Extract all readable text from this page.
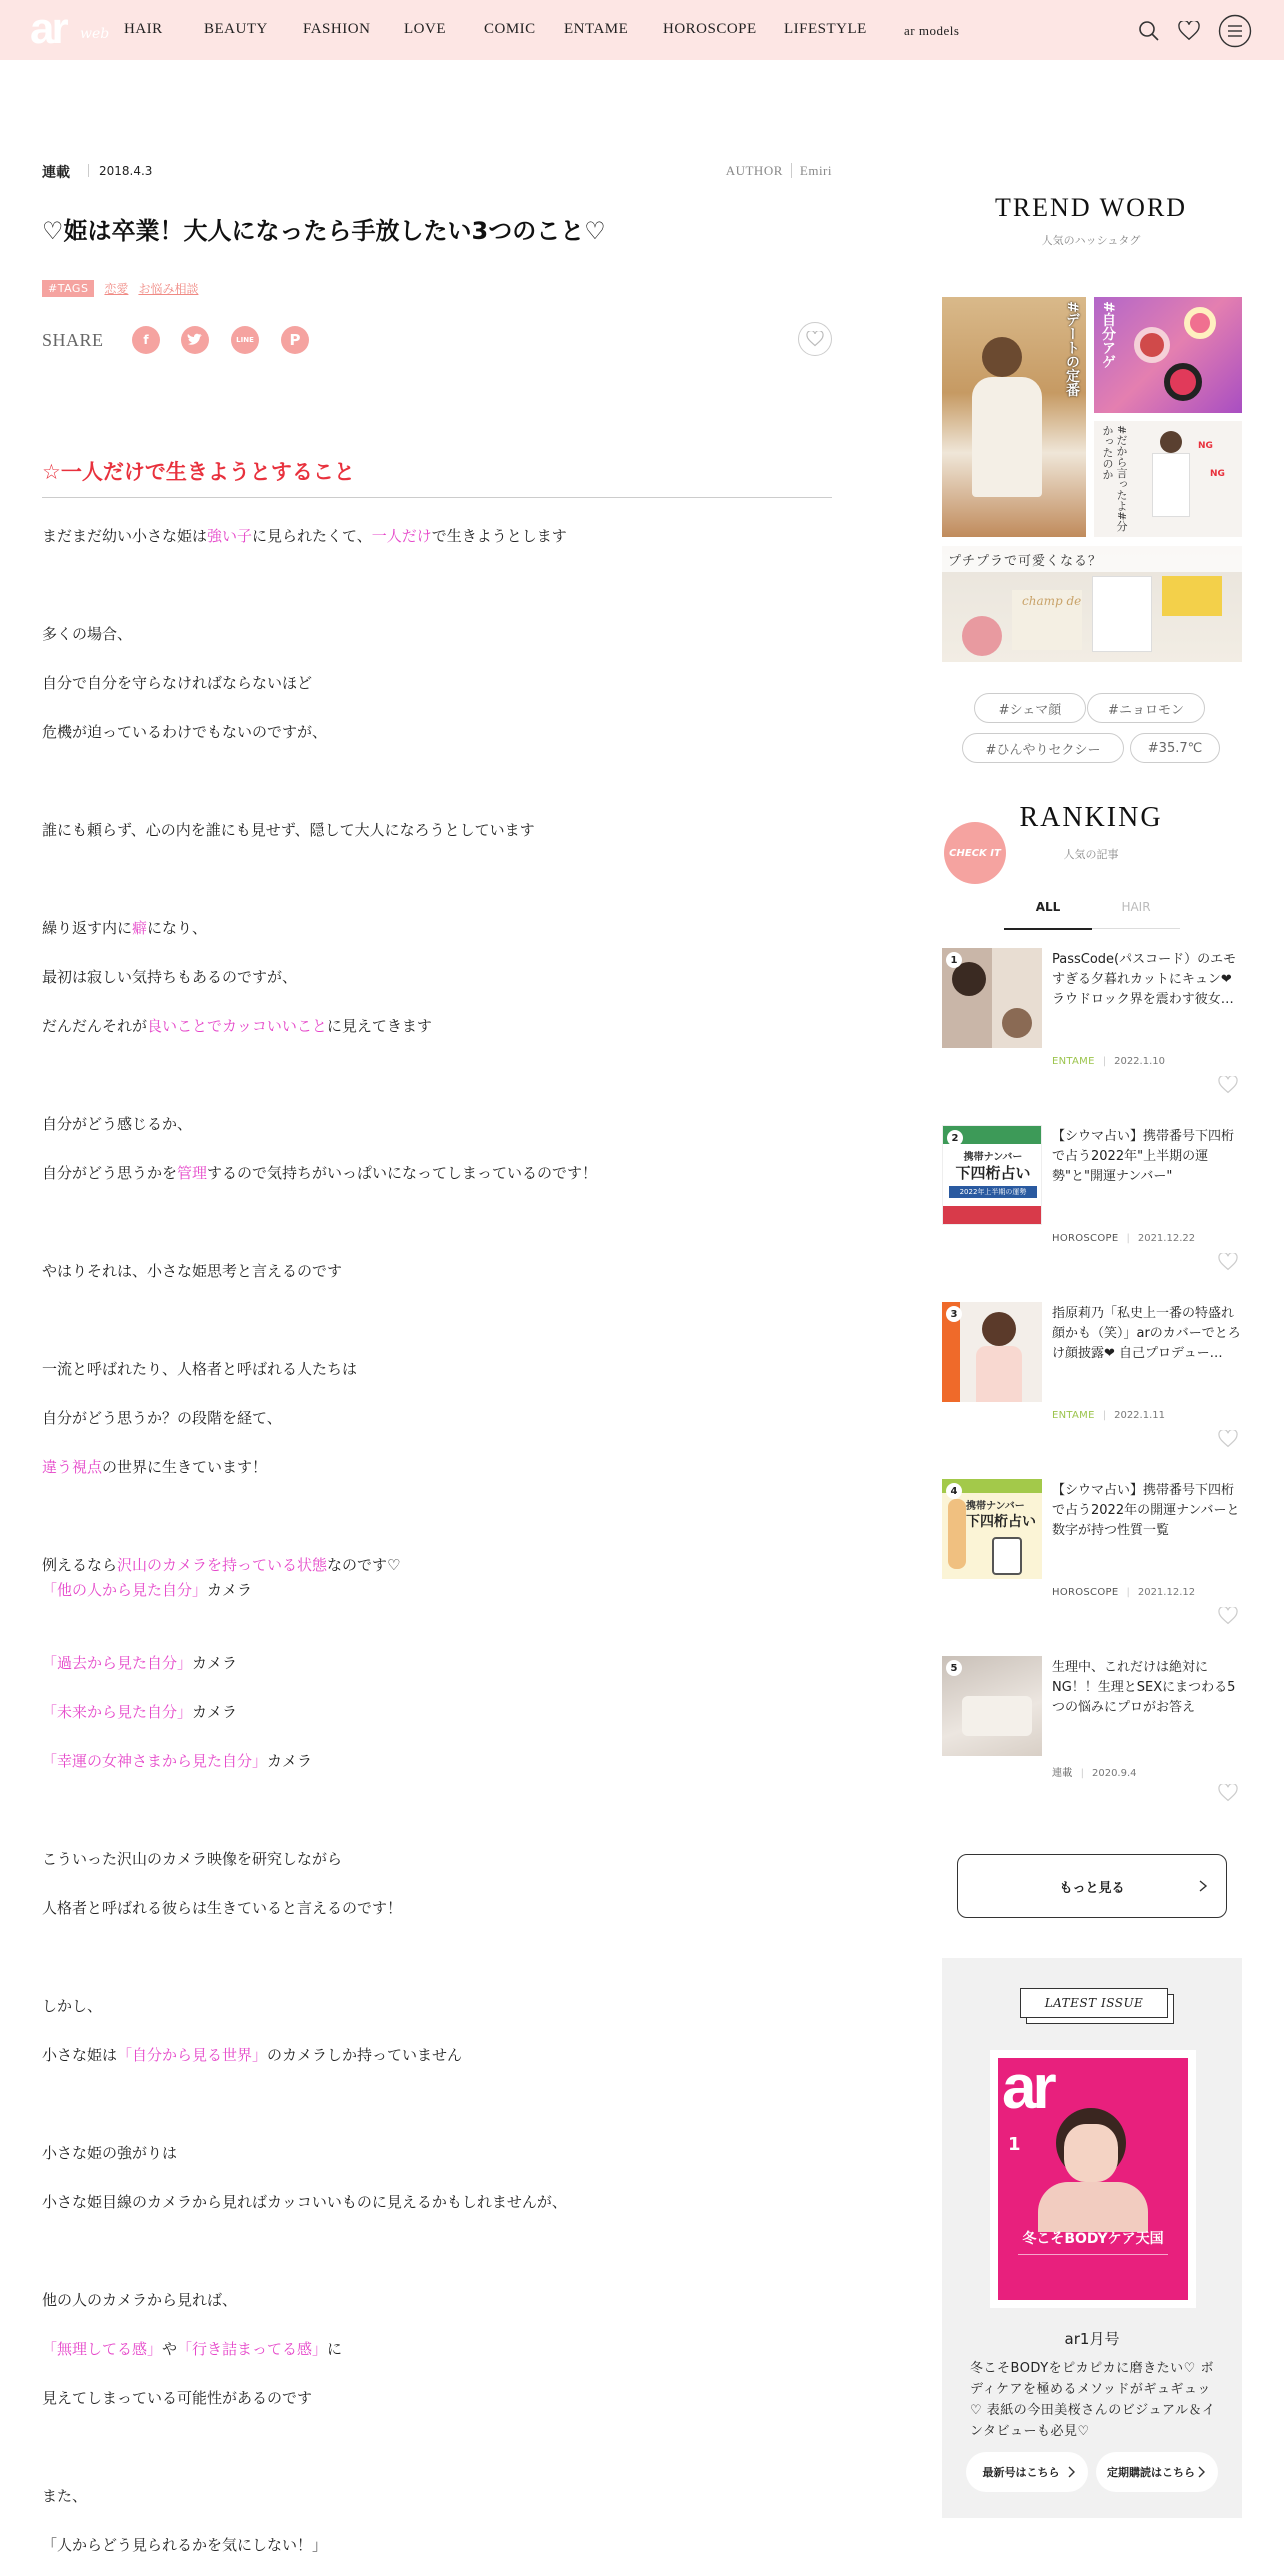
ar web HAIR	BEAUTY FASHION LOVE	COMIC ENTAME HOROSCOPE LIFESTYLE	ar models
連載 2018.4.3	AUTHOR Emiri
♡姫は卒業！大人になったら手放したい3つのこと♡
#TAGS	恋愛 お悩み相談
SHARE	f	LINE	P
☆一人だけで生きようとすること

まだまだ幼い小さな姫は強い子に見られたくて、一人だけで生きようとします

多くの場合、

自分で自分を守らなければならないほど

危機が迫っているわけでもないのですが、

誰にも頼らず、心の内を誰にも見せず、隠して大人になろうとしています

繰り返す内に癖になり、

最初は寂しい気持ちもあるのですが、

だんだんそれが良いことでカッコいいことに見えてきます

自分がどう感じるか、

自分がどう思うかを管理するので気持ちがいっぱいになってしまっているのです！

やはりそれは、小さな姫思考と言えるのです

一流と呼ばれたり、人格者と呼ばれる人たちは

自分がどう思うか？の段階を経て、

違う視点の世界に生きています！

例えるなら沢山のカメラを持っている状態なのです♡

「他の人から見た自分」カメラ

「過去から見た自分」カメラ

「未来から見た自分」カメラ

「幸運の女神さまから見た自分」カメラ

こういった沢山のカメラ映像を研究しながら

人格者と呼ばれる彼らは生きていると言えるのです！

しかし、

小さな姫は「自分から見る世界」のカメラしか持っていません

小さな姫の強がりは

小さな姫目線のカメラから見ればカッコいいものに見えるかもしれませんが、

他の人のカメラから見れば、

「無理してる感」や「行き詰まってる感」に

見えてしまっている可能性があるのです

また、

「人からどう見られるかを気にしない！」

TREND WORD
人気のハッシュタグ
#デートの定番 #自分アゲ
#だから言ったよ#分かったのか	NG
NG
プチプラで可愛くなる？
champ de
#シェマ顔	#ニョロモン
#ひんやりセクシー	#35.7℃
CHECK IT
RANKING
人気の記事
ALL	HAIR
1	PassCode(パスコード）のエモすぎる夕暮れカットにキュン❤ラウドロック界を震わす彼女…
ENTAME | 2022.1.10
携帯ナンバー
下四桁占い
2022年上半期の運勢
2	【シウマ占い】携帯番号下四桁で占う2022年"上半期の運勢"と"開運ナンバー"
HOROSCOPE | 2021.12.22
3	指原莉乃「私史上一番の特盛れ顔かも（笑）」arのカバーでとろけ顔披露❤ 自己プロデュー…
ENTAME | 2022.1.11
携帯ナンバー
下四桁占い
4	【シウマ占い】携帯番号下四桁で占う2022年の開運ナンバーと数字が持つ性質一覧
HOROSCOPE | 2021.12.12
5	生理中、これだけは絶対にNG！！生理とSEXにまつわる5つの悩みにプロがお答え
連載 | 2020.9.4
もっと見る
LATEST ISSUE
ar
1
冬こそBODYケア天国
ar1月号
冬こそBODYをピカピカに磨きたい♡ ボディケアを極めるメソッドがギュギュッ♡ 表紙の今田美桜さんのビジュアル＆インタビューも必見♡
最新号はこちら	定期購読はこちら
